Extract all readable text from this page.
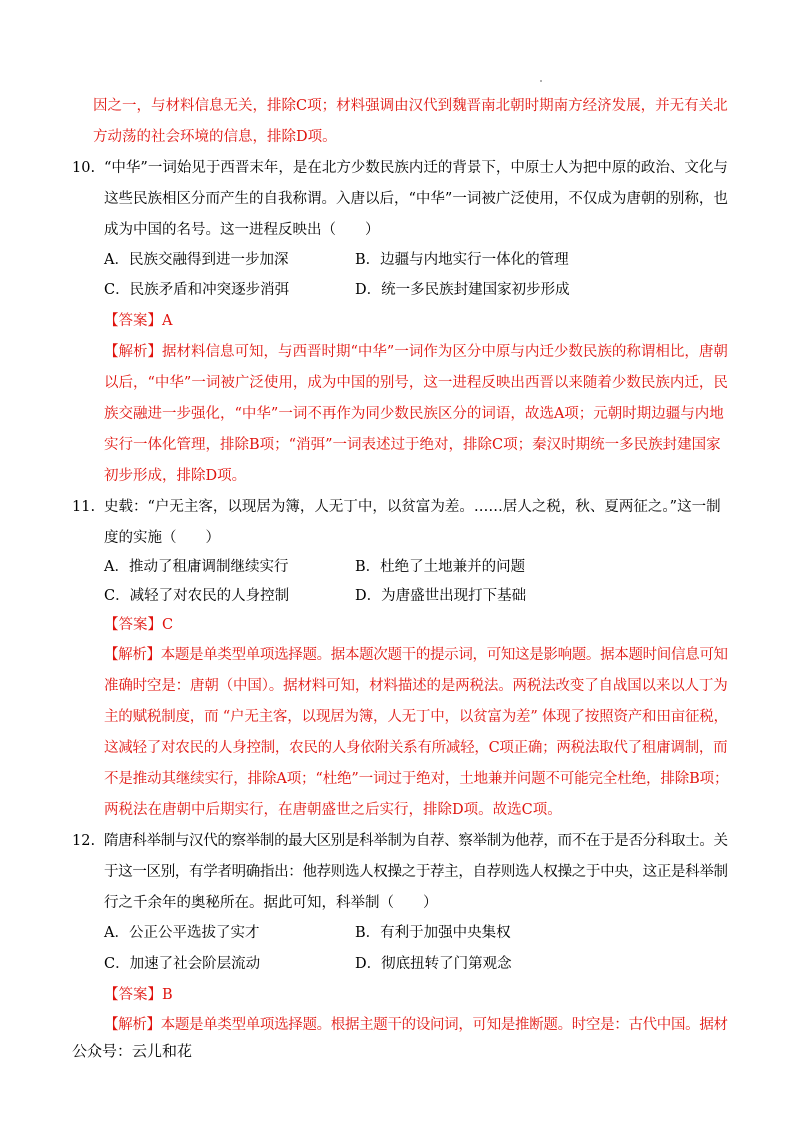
因之一，与材料信息无关，排除C项；材料强调由汉代到魏晋南北朝时期南方经济发展，并无有关北
方动荡的社会环境的信息，排除D项。
10. “中华”一词始见于西晋末年，是在北方少数民族内迁的背景下，中原士人为把中原的政治、文化与
这些民族相区分而产生的自我称谓。入唐以后，“中华”一词被广泛使用，不仅成为唐朝的别称，也
成为中国的名号。这一进程反映出（　　）
A．民族交融得到进一步加深	B．边疆与内地实行一体化的管理
C．民族矛盾和冲突逐步消弭	D．统一多民族封建国家初步形成
【答案】A
【解析】据材料信息可知，与西晋时期“中华”一词作为区分中原与内迁少数民族的称谓相比，唐朝
以后，“中华”一词被广泛使用，成为中国的别号，这一进程反映出西晋以来随着少数民族内迁，民
族交融进一步强化，“中华”一词不再作为同少数民族区分的词语，故选A项；元朝时期边疆与内地
实行一体化管理，排除B项；“消弭”一词表述过于绝对，排除C项；秦汉时期统一多民族封建国家
初步形成，排除D项。
11. 史载：“户无主客，以现居为簿，人无丁中，以贫富为差。……居人之税，秋、夏两征之。”这一制
度的实施（　　）
A．推动了租庸调制继续实行	B．杜绝了土地兼并的问题
C．减轻了对农民的人身控制	D．为唐盛世出现打下基础
【答案】C
【解析】本题是单类型单项选择题。据本题次题干的提示词，可知这是影响题。据本题时间信息可知
准确时空是：唐朝（中国）。据材料可知，材料描述的是两税法。两税法改变了自战国以来以人丁为
主的赋税制度，而 “户无主客，以现居为簿，人无丁中，以贫富为差” 体现了按照资产和田亩征税，
这减轻了对农民的人身控制，农民的人身依附关系有所减轻，C项正确；两税法取代了租庸调制，而
不是推动其继续实行，排除A项；“杜绝”一词过于绝对，土地兼并问题不可能完全杜绝，排除B项；
两税法在唐朝中后期实行，在唐朝盛世之后实行，排除D项。故选C项。
12. 隋唐科举制与汉代的察举制的最大区别是科举制为自荐、察举制为他荐，而不在于是否分科取士。关
于这一区别，有学者明确指出：他荐则选人权操之于荐主，自荐则选人权操之于中央，这正是科举制
行之千余年的奥秘所在。据此可知，科举制（　　）
A．公正公平选拔了实才	B．有利于加强中央集权
C．加速了社会阶层流动	D．彻底扭转了门第观念
【答案】B
【解析】本题是单类型单项选择题。根据主题干的设问词，可知是推断题。时空是：古代中国。据材
公众号：云儿和花
